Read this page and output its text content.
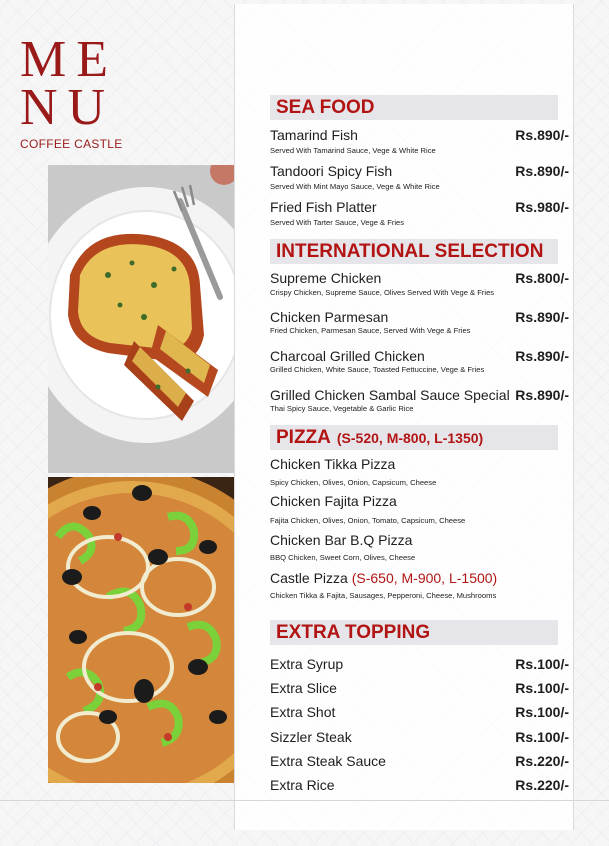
ME
NU
COFFEE CASTLE
SEA FOOD
Tamarind Fish	Rs.890/-
Served With Tamarind Sauce, Vege & White Rice
Tandoori Spicy Fish	Rs.890/-
Served With Mint Mayo Sauce, Vege & White Rice
Fried Fish Platter	Rs.980/-
Served With Tarter Sauce, Vege & Fries
INTERNATIONAL SELECTION
Supreme Chicken	Rs.800/-
Crispy Chicken, Supreme Sauce, Olives Served With Vege & Fries
Chicken Parmesan	Rs.890/-
Fried Chicken, Parmesan Sauce, Served With Vege & Fries
Charcoal Grilled Chicken	Rs.890/-
Grilled Chicken, White Sauce, Toasted Fettuccine, Vege & Fries
Grilled Chicken Sambal Sauce Special Rs.890/-
Thai Spicy Sauce, Vegetable & Garlic Rice
PIZZA (S-520, M-800, L-1350)
Chicken Tikka Pizza
Spicy Chicken, Olives, Onion, Capsicum, Cheese
Chicken Fajita Pizza
Fajita Chicken, Olives, Onion, Tomato, Capsicum, Cheese
Chicken Bar B.Q Pizza
BBQ Chicken, Sweet Corn, Olives, Cheese
Castle Pizza (S-650, M-900, L-1500)
Chicken Tikka & Fajita, Sausages, Pepperoni, Cheese, Mushrooms
EXTRA TOPPING
Extra Syrup	Rs.100/-
Extra Slice	Rs.100/-
Extra Shot	Rs.100/-
Sizzler Steak	Rs.100/-
Extra Steak Sauce	Rs.220/-
Extra Rice	Rs.220/-
